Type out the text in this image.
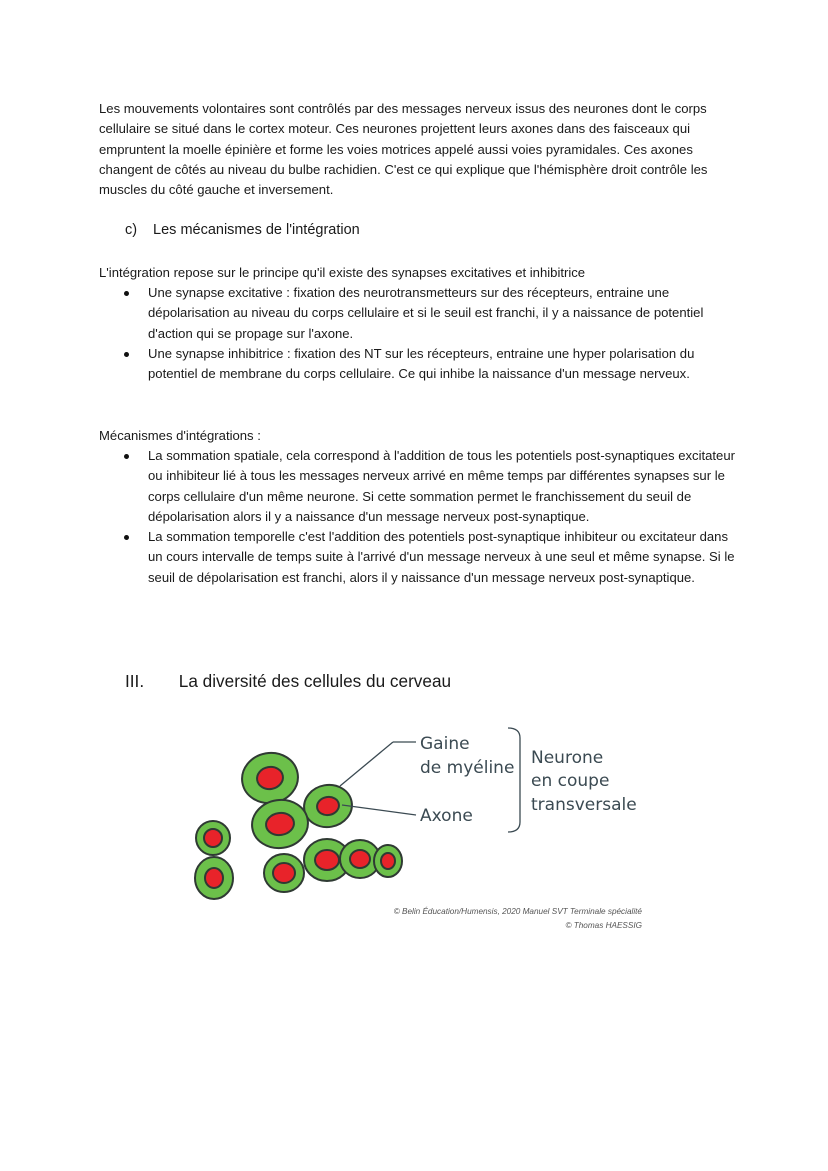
Les mouvements volontaires sont contrôlés par des messages nerveux issus des neurones dont le corps cellulaire se situé dans le cortex moteur. Ces neurones projettent leurs axones dans des faisceaux qui empruntent la moelle épinière et forme les voies motrices appelé aussi voies pyramidales. Ces axones changent de côtés au niveau du bulbe rachidien. C'est ce qui explique que l'hémisphère droit contrôle les muscles du côté gauche et inversement.

c) Les mécanismes de l'intégration

L'intégration repose sur le principe qu'il existe des synapses excitatives et inhibitrice

Une synapse excitative : fixation des neurotransmetteurs sur des récepteurs, entraine une dépolarisation au niveau du corps cellulaire et si le seuil est franchi, il y a naissance de potentiel d'action qui se propage sur l'axone.
Une synapse inhibitrice : fixation des NT sur les récepteurs, entraine une hyper polarisation du potentiel de membrane du corps cellulaire. Ce qui inhibe la naissance d'un message nerveux.

Mécanismes d'intégrations :

La sommation spatiale, cela correspond à l'addition de tous les potentiels post-synaptiques excitateur ou inhibiteur lié à tous les messages nerveux arrivé en même temps par différentes synapses sur le corps cellulaire d'un même neurone. Si cette sommation permet le franchissement du seuil de dépolarisation alors il y a naissance d'un message nerveux post-synaptique.
La sommation temporelle c'est l'addition des potentiels post-synaptique inhibiteur ou excitateur dans un cours intervalle de temps suite à l'arrivé d'un message nerveux à une seul et même synapse. Si le seuil de dépolarisation est franchi, alors il y naissance d'un message nerveux post-synaptique.
III. La diversité des cellules du cerveau
Gaine
de myéline
Axone
Neurone
en coupe
transversale

© Belin Éducation/Humensis, 2020 Manuel SVT Terminale spécialité

© Thomas HAESSIG
